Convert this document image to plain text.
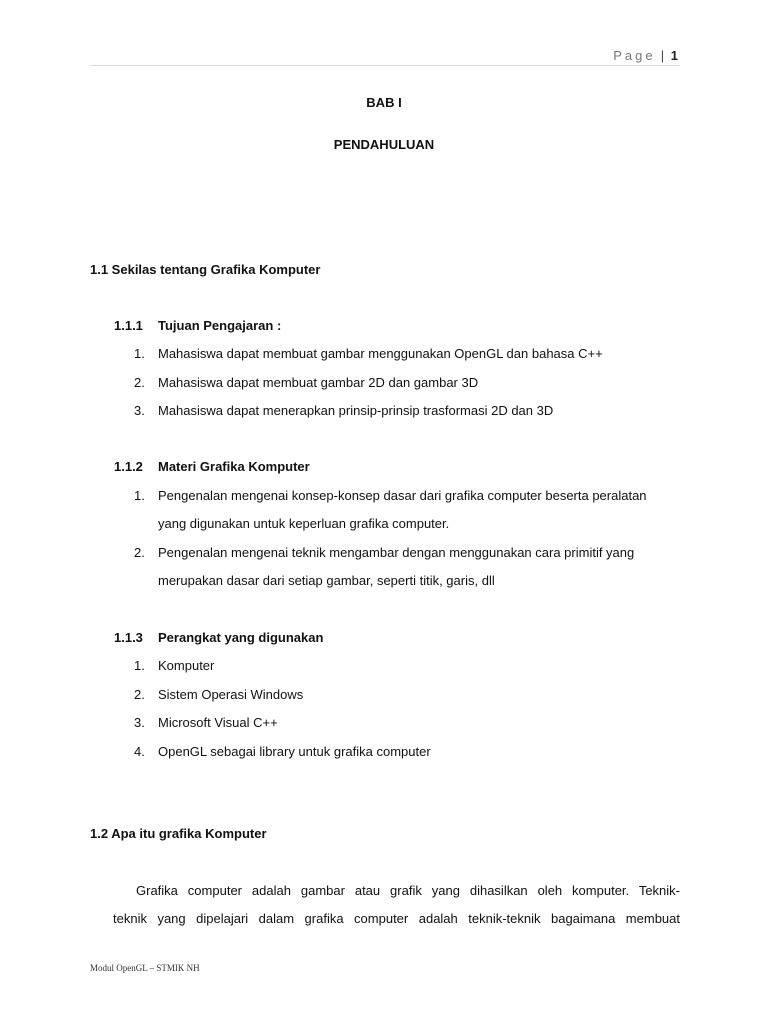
Page | 1
BAB I
PENDAHULUAN
1.1 Sekilas tentang Grafika Komputer
1.1.1 Tujuan Pengajaran :
1. Mahasiswa dapat membuat gambar menggunakan OpenGL dan bahasa C++
2. Mahasiswa dapat membuat gambar 2D dan gambar 3D
3. Mahasiswa dapat menerapkan prinsip-prinsip trasformasi 2D dan 3D
1.1.2 Materi Grafika Komputer
1. Pengenalan mengenai konsep-konsep dasar dari grafika computer beserta peralatan
yang digunakan untuk keperluan grafika computer.
2. Pengenalan mengenai teknik mengambar dengan menggunakan cara primitif yang
merupakan dasar dari setiap gambar, seperti titik, garis, dll
1.1.3 Perangkat yang digunakan
1. Komputer
2. Sistem Operasi Windows
3. Microsoft Visual C++
4. OpenGL sebagai library untuk grafika computer
1.2 Apa itu grafika Komputer
Grafika computer adalah gambar atau grafik yang dihasilkan oleh komputer. Teknik-
teknik yang dipelajari dalam grafika computer adalah teknik-teknik bagaimana membuat
Modul OpenGL – STMIK NH
